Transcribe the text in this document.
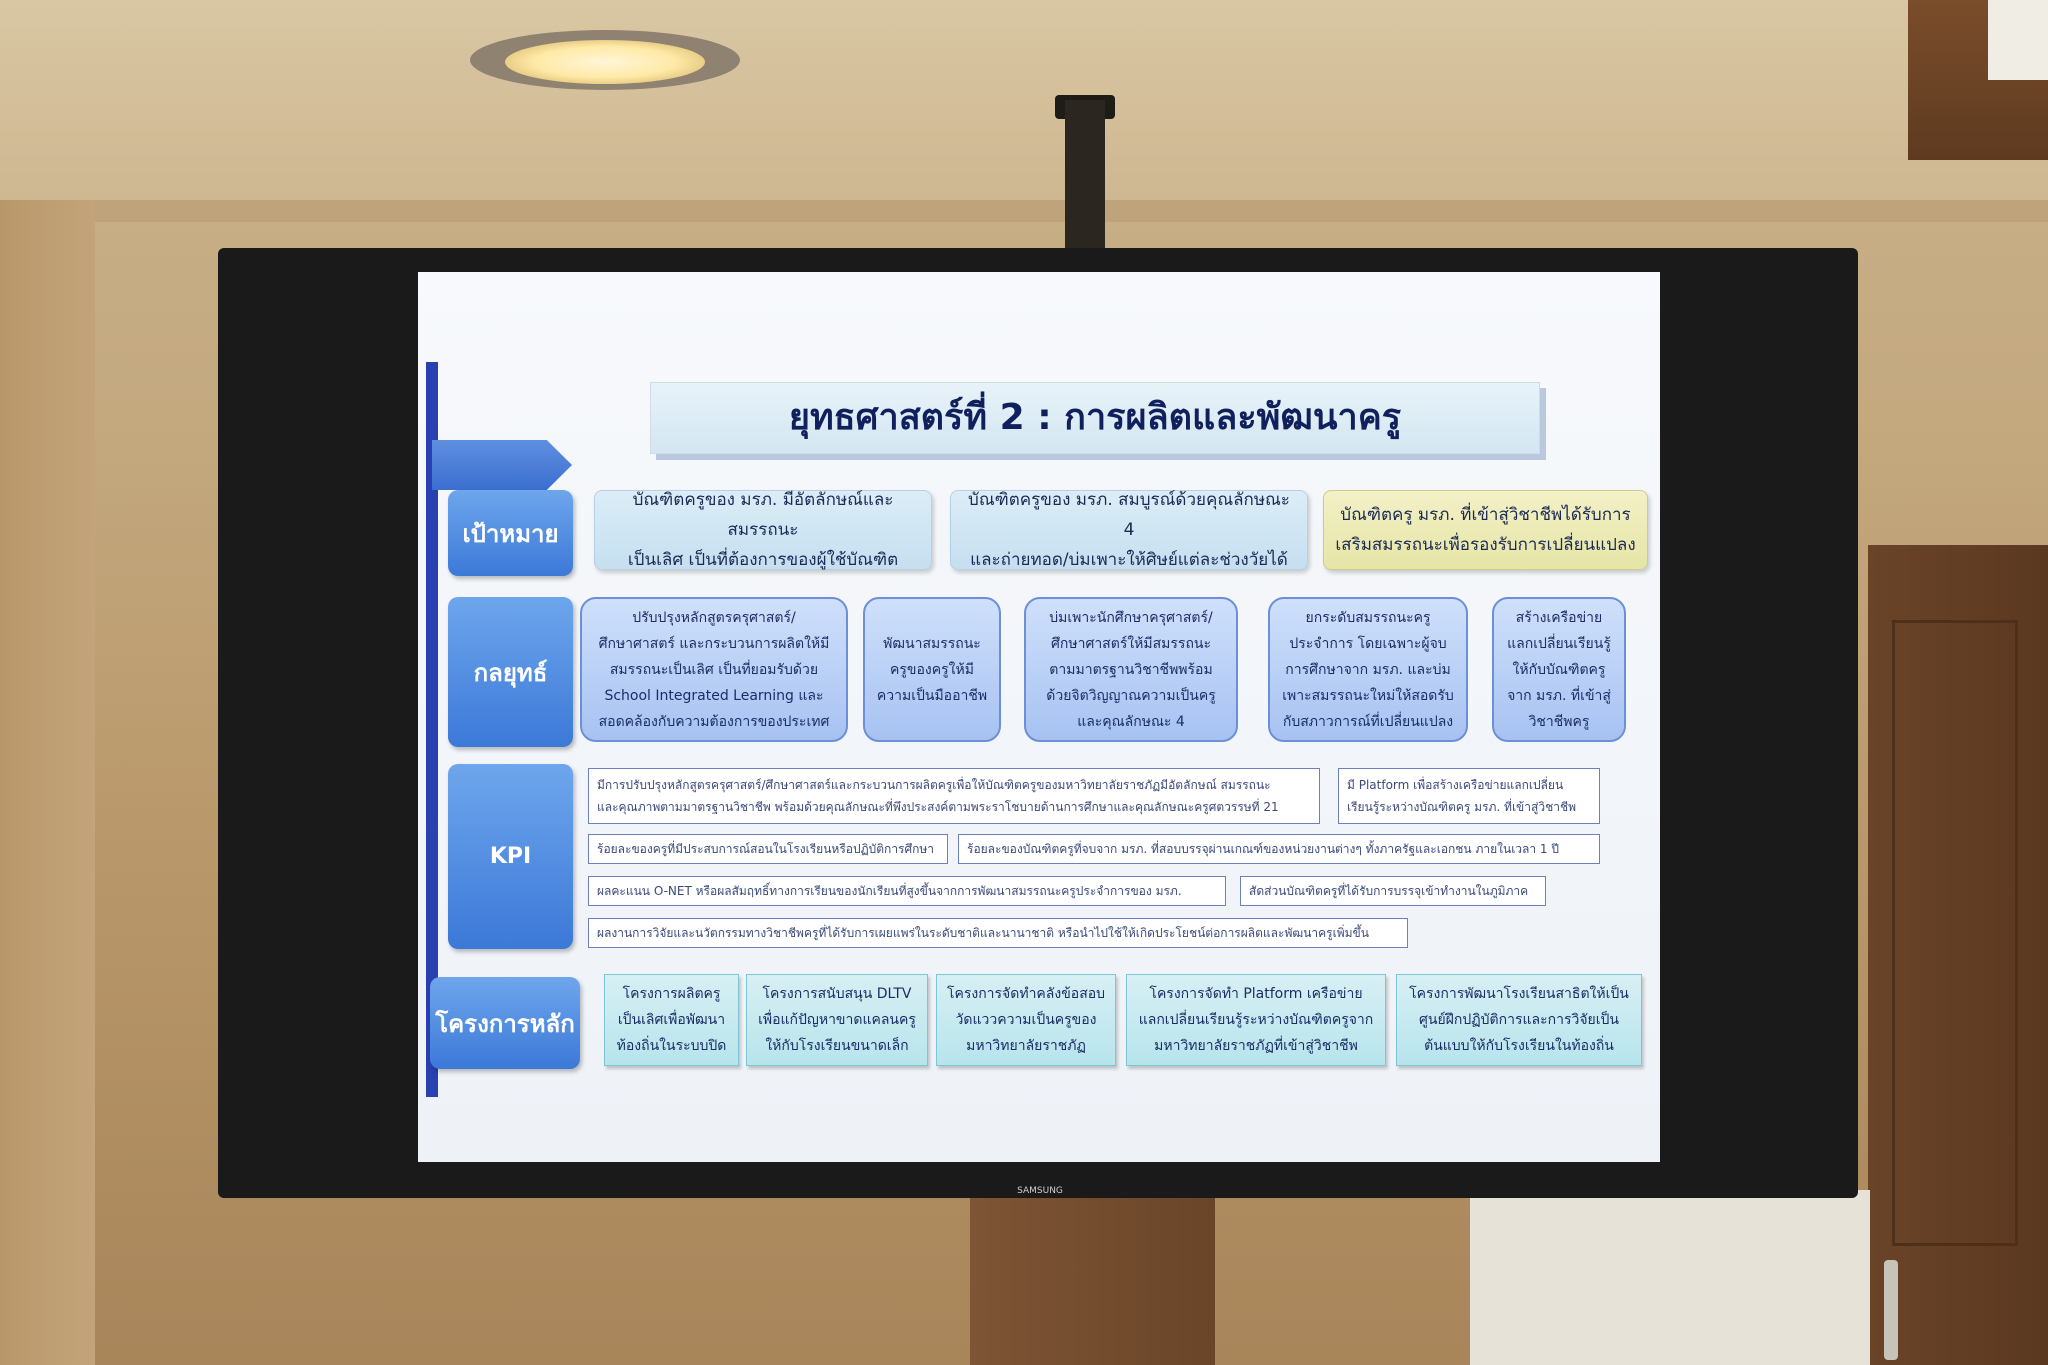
SAMSUNG
ยุทธศาสตร์ที่ 2 : การผลิตและพัฒนาครู
เป้าหมาย
กลยุทธ์
KPI
โครงการหลัก
บัณฑิตครูของ มรภ. มีอัตลักษณ์และสมรรถนะ
เป็นเลิศ เป็นที่ต้องการของผู้ใช้บัณฑิต
บัณฑิตครูของ มรภ. สมบูรณ์ด้วยคุณลักษณะ 4
และถ่ายทอด/บ่มเพาะให้ศิษย์แต่ละช่วงวัยได้
บัณฑิตครู มรภ. ที่เข้าสู่วิชาชีพได้รับการ
เสริมสมรรถนะเพื่อรองรับการเปลี่ยนแปลง
ปรับปรุงหลักสูตรครุศาสตร์/
ศึกษาศาสตร์ และกระบวนการผลิตให้มี
สมรรถนะเป็นเลิศ เป็นที่ยอมรับด้วย
School Integrated Learning และ
สอดคล้องกับความต้องการของประเทศ
พัฒนาสมรรถนะ
ครูของครูให้มี
ความเป็นมืออาชีพ
บ่มเพาะนักศึกษาครุศาสตร์/
ศึกษาศาสตร์ให้มีสมรรถนะ
ตามมาตรฐานวิชาชีพพร้อม
ด้วยจิตวิญญาณความเป็นครู
และคุณลักษณะ 4
ยกระดับสมรรถนะครู
ประจำการ โดยเฉพาะผู้จบ
การศึกษาจาก มรภ. และบ่ม
เพาะสมรรถนะใหม่ให้สอดรับ
กับสภาวการณ์ที่เปลี่ยนแปลง
สร้างเครือข่าย
แลกเปลี่ยนเรียนรู้
ให้กับบัณฑิตครู
จาก มรภ. ที่เข้าสู่
วิชาชีพครู
มีการปรับปรุงหลักสูตรครุศาสตร์/ศึกษาศาสตร์และกระบวนการผลิตครูเพื่อให้บัณฑิตครูของมหาวิทยาลัยราชภัฏมีอัตลักษณ์ สมรรถนะ
และคุณภาพตามมาตรฐานวิชาชีพ พร้อมด้วยคุณลักษณะที่พึงประสงค์ตามพระราโชบายด้านการศึกษาและคุณลักษณะครูศตวรรษที่ 21
มี Platform เพื่อสร้างเครือข่ายแลกเปลี่ยน
เรียนรู้ระหว่างบัณฑิตครู มรภ. ที่เข้าสู่วิชาชีพ
ร้อยละของครูที่มีประสบการณ์สอนในโรงเรียนหรือปฏิบัติการศึกษา	ร้อยละของบัณฑิตครูที่จบจาก มรภ. ที่สอบบรรจุผ่านเกณฑ์ของหน่วยงานต่างๆ ทั้งภาครัฐและเอกชน ภายในเวลา 1 ปี
ผลคะแนน O-NET หรือผลสัมฤทธิ์ทางการเรียนของนักเรียนที่สูงขึ้นจากการพัฒนาสมรรถนะครูประจำการของ มรภ.	สัดส่วนบัณฑิตครูที่ได้รับการบรรจุเข้าทำงานในภูมิภาค
ผลงานการวิจัยและนวัตกรรมทางวิชาชีพครูที่ได้รับการเผยแพร่ในระดับชาติและนานาชาติ หรือนำไปใช้ให้เกิดประโยชน์ต่อการผลิตและพัฒนาครูเพิ่มขึ้น
โครงการผลิตครู
เป็นเลิศเพื่อพัฒนา
ท้องถิ่นในระบบปิด
โครงการสนับสนุน DLTV
เพื่อแก้ปัญหาขาดแคลนครู
ให้กับโรงเรียนขนาดเล็ก
โครงการจัดทำคลังข้อสอบ
วัดแววความเป็นครูของ
มหาวิทยาลัยราชภัฏ
โครงการจัดทำ Platform เครือข่าย
แลกเปลี่ยนเรียนรู้ระหว่างบัณฑิตครูจาก
มหาวิทยาลัยราชภัฏที่เข้าสู่วิชาชีพ
โครงการพัฒนาโรงเรียนสาธิตให้เป็น
ศูนย์ฝึกปฏิบัติการและการวิจัยเป็น
ต้นแบบให้กับโรงเรียนในท้องถิ่น
